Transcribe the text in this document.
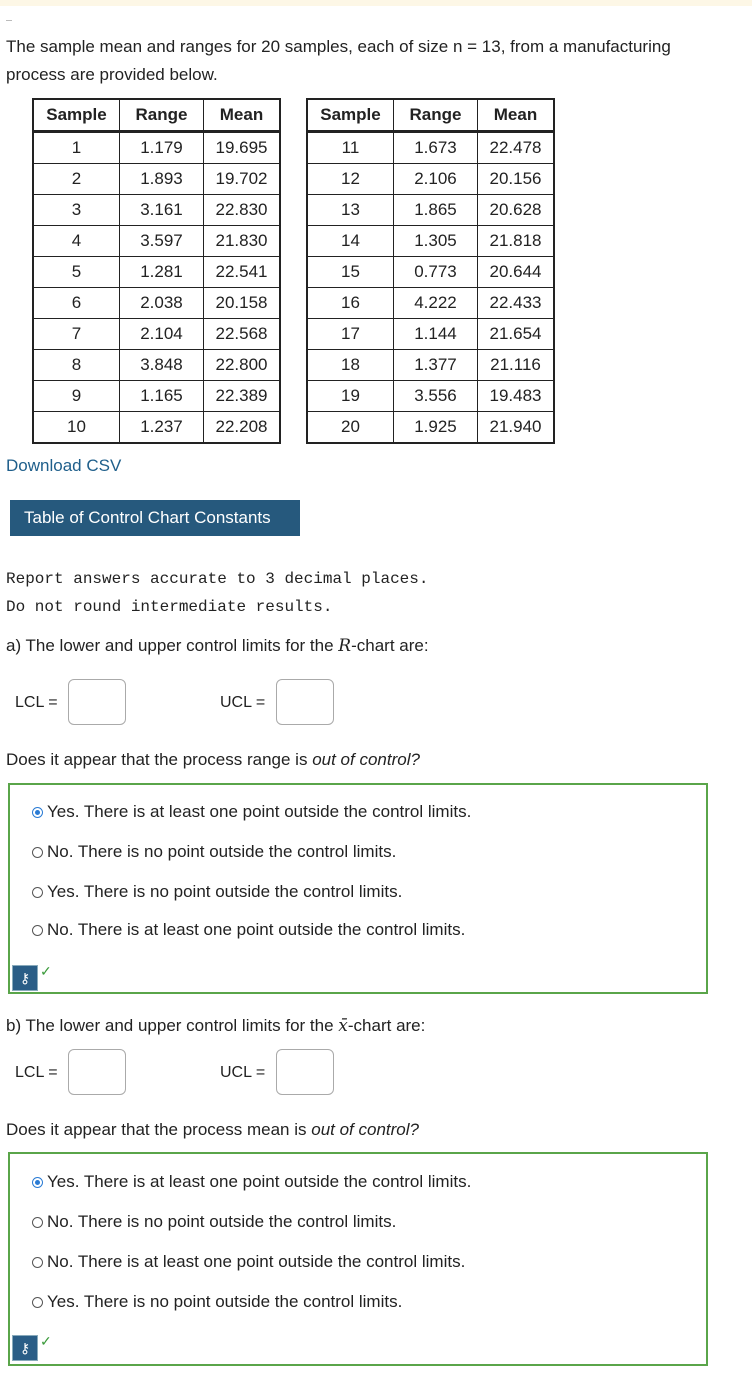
The sample mean and ranges for 20 samples, each of size n = 13, from a manufacturing process are provided below.
Sample	Range	Mean
1	1.179	19.695
2	1.893	19.702
3	3.161	22.830
4	3.597	21.830
5	1.281	22.541
6	2.038	20.158
7	2.104	22.568
8	3.848	22.800
9	1.165	22.389
10	1.237	22.208
Sample	Range	Mean
11	1.673	22.478
12	2.106	20.156
13	1.865	20.628
14	1.305	21.818
15	0.773	20.644
16	4.222	22.433
17	1.144	21.654
18	1.377	21.116
19	3.556	19.483
20	1.925	21.940
Download CSV
Table of Control Chart Constants
Report answers accurate to 3 decimal places.
Do not round intermediate results.
a) The lower and upper control limits for the R-chart are:
LCL =	UCL =
Does it appear that the process range is out of control?
Yes. There is at least one point outside the control limits.
No. There is no point outside the control limits.
Yes. There is no point outside the control limits.
No. There is at least one point outside the control limits.
⚷ ✓
b) The lower and upper control limits for the x̄-chart are:
LCL =	UCL =
Does it appear that the process mean is out of control?
Yes. There is at least one point outside the control limits.
No. There is no point outside the control limits.
No. There is at least one point outside the control limits.
Yes. There is no point outside the control limits.
⚷ ✓
